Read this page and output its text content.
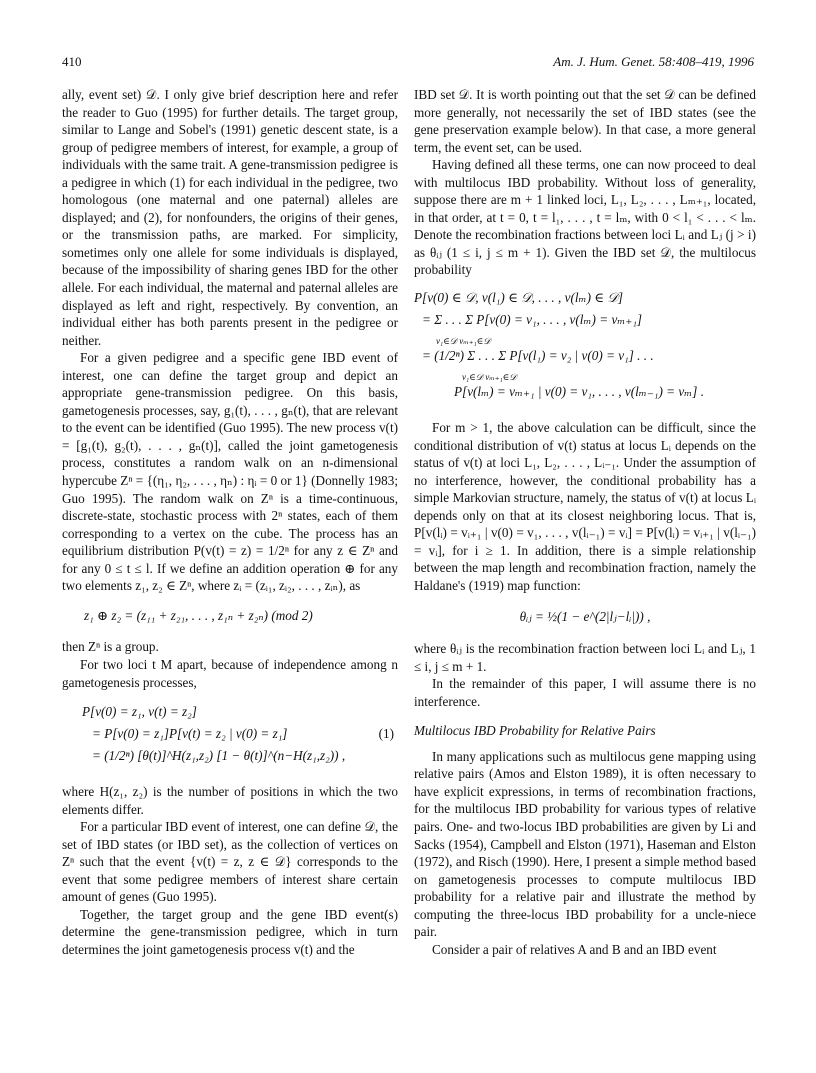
410	Am. J. Hum. Genet. 58:408–419, 1996

ally, event set) 𝒟. I only give brief description here and refer the reader to Guo (1995) for further details. The target group, similar to Lange and Sobel's (1991) genetic descent state, is a group of pedigree members of interest, for example, a group of individuals with the same trait. A gene-transmission pedigree is a pedigree in which (1) for each individual in the pedigree, two homologous (one maternal and one paternal) alleles are displayed; and (2), for nonfounders, the origins of their genes, or the transmission paths, are marked. For simplicity, sometimes only one allele for some individuals is displayed, because of the impossibility of sharing genes IBD for the other allele. For each individual, the maternal and paternal alleles are displayed as left and right, respectively. By convention, an individual either has both parents present in the pedigree or neither.

For a given pedigree and a specific gene IBD event of interest, one can define the target group and depict an appropriate gene-transmission pedigree. On this basis, gametogenesis processes, say, g₁(t), . . . , gₙ(t), that are relevant to the event can be identified (Guo 1995). The new process v(t) = [g₁(t), g₂(t), . . . , gₙ(t)], called the joint gametogenesis process, constitutes a random walk on an n-dimensional hypercube Zⁿ = {(η₁, η₂, . . . , ηₙ) : ηᵢ = 0 or 1} (Donnelly 1983; Guo 1995). The random walk on Zⁿ is a time-continuous, discrete-state, stochastic process with 2ⁿ states, each of them corresponding to a vertex on the cube. The process has an equilibrium distribution P(v(t) = z) = 1/2ⁿ for any z ∈ Zⁿ and for any 0 ≤ t ≤ l. If we define an addition operation ⊕ for any two elements z₁, z₂ ∈ Zⁿ, where zᵢ = (zᵢ₁, zᵢ₂, . . . , zᵢₙ), as

z₁ ⊕ z₂ = (z₁₁ + z₂₁, . . . , z₁ₙ + z₂ₙ) (mod 2)

then Zⁿ is a group.

For two loci t M apart, because of independence among n gametogenesis processes,

P[v(0) = z₁, v(t) = z₂]
= P[v(0) = z₁]P[v(t) = z₂ | v(0) = z₁]	(1)
= (1/2ⁿ) [θ(t)]^H(z₁,z₂) [1 − θ(t)]^(n−H(z₁,z₂)) ,

where H(z₁, z₂) is the number of positions in which the two elements differ.

For a particular IBD event of interest, one can define 𝒟, the set of IBD states (or IBD set), as the collection of vertices on Zⁿ such that the event {v(t) = z, z ∈ 𝒟} corresponds to the event that some pedigree members of interest share certain amount of genes (Guo 1995).

Together, the target group and the gene IBD event(s) determine the gene-transmission pedigree, which in turn determines the joint gametogenesis process v(t) and the

IBD set 𝒟. It is worth pointing out that the set 𝒟 can be defined more generally, not necessarily the set of IBD states (see the gene preservation example below). In that case, a more general term, the event set, can be used.

Having defined all these terms, one can now proceed to deal with multilocus IBD probability. Without loss of generality, suppose there are m + 1 linked loci, L₁, L₂, . . . , Lₘ₊₁, located, in that order, at t = 0, t = l₁, . . . , t = lₘ, with 0 < l₁ < . . . < lₘ. Denote the recombination fractions between loci Lᵢ and Lⱼ (j > i) as θᵢⱼ (1 ≤ i, j ≤ m + 1). Given the IBD set 𝒟, the multilocus probability

P[v(0) ∈ 𝒟, v(l₁) ∈ 𝒟, . . . , v(lₘ) ∈ 𝒟]
= Σ . . . Σ P[v(0) = v₁, . . . , v(lₘ) = vₘ₊₁]
v₁∈𝒟 vₘ₊₁∈𝒟
= (1/2ⁿ) Σ . . . Σ P[v(l₁) = v₂ | v(0) = v₁] . . .
v₁∈𝒟 vₘ₊₁∈𝒟
P[v(lₘ) = vₘ₊₁ | v(0) = v₁, . . . , v(lₘ₋₁) = vₘ] .

For m > 1, the above calculation can be difficult, since the conditional distribution of v(t) status at locus Lᵢ depends on the status of v(t) at loci L₁, L₂, . . . , Lᵢ₋₁. Under the assumption of no interference, however, the conditional probability has a simple Markovian structure, namely, the status of v(t) at locus Lᵢ depends only on that at its closest neighboring locus. That is, P[v(lᵢ) = vᵢ₊₁ | v(0) = v₁, . . . , v(lᵢ₋₁) = vᵢ] = P[v(lᵢ) = vᵢ₊₁ | v(lᵢ₋₁) = vᵢ], for i ≥ 1. In addition, there is a simple relationship between the map length and recombination fraction, namely the Haldane's (1919) map function:

θᵢⱼ = ½(1 − e^(2|lⱼ−lᵢ|)) ,

where θᵢⱼ is the recombination fraction between loci Lᵢ and Lⱼ, 1 ≤ i, j ≤ m + 1.

In the remainder of this paper, I will assume there is no interference.

Multilocus IBD Probability for Relative Pairs

In many applications such as multilocus gene mapping using relative pairs (Amos and Elston 1989), it is often necessary to have explicit expressions, in terms of recombination fractions, for the multilocus IBD probability for various types of relative pairs. One- and two-locus IBD probabilities are given by Li and Sacks (1954), Campbell and Elston (1971), Haseman and Elston (1972), and Risch (1990). Here, I present a simple method based on gametogenesis processes to compute multilocus IBD probability for a relative pair and illustrate the method by computing the three-locus IBD probability for a uncle-niece pair.

Consider a pair of relatives A and B and an IBD event
